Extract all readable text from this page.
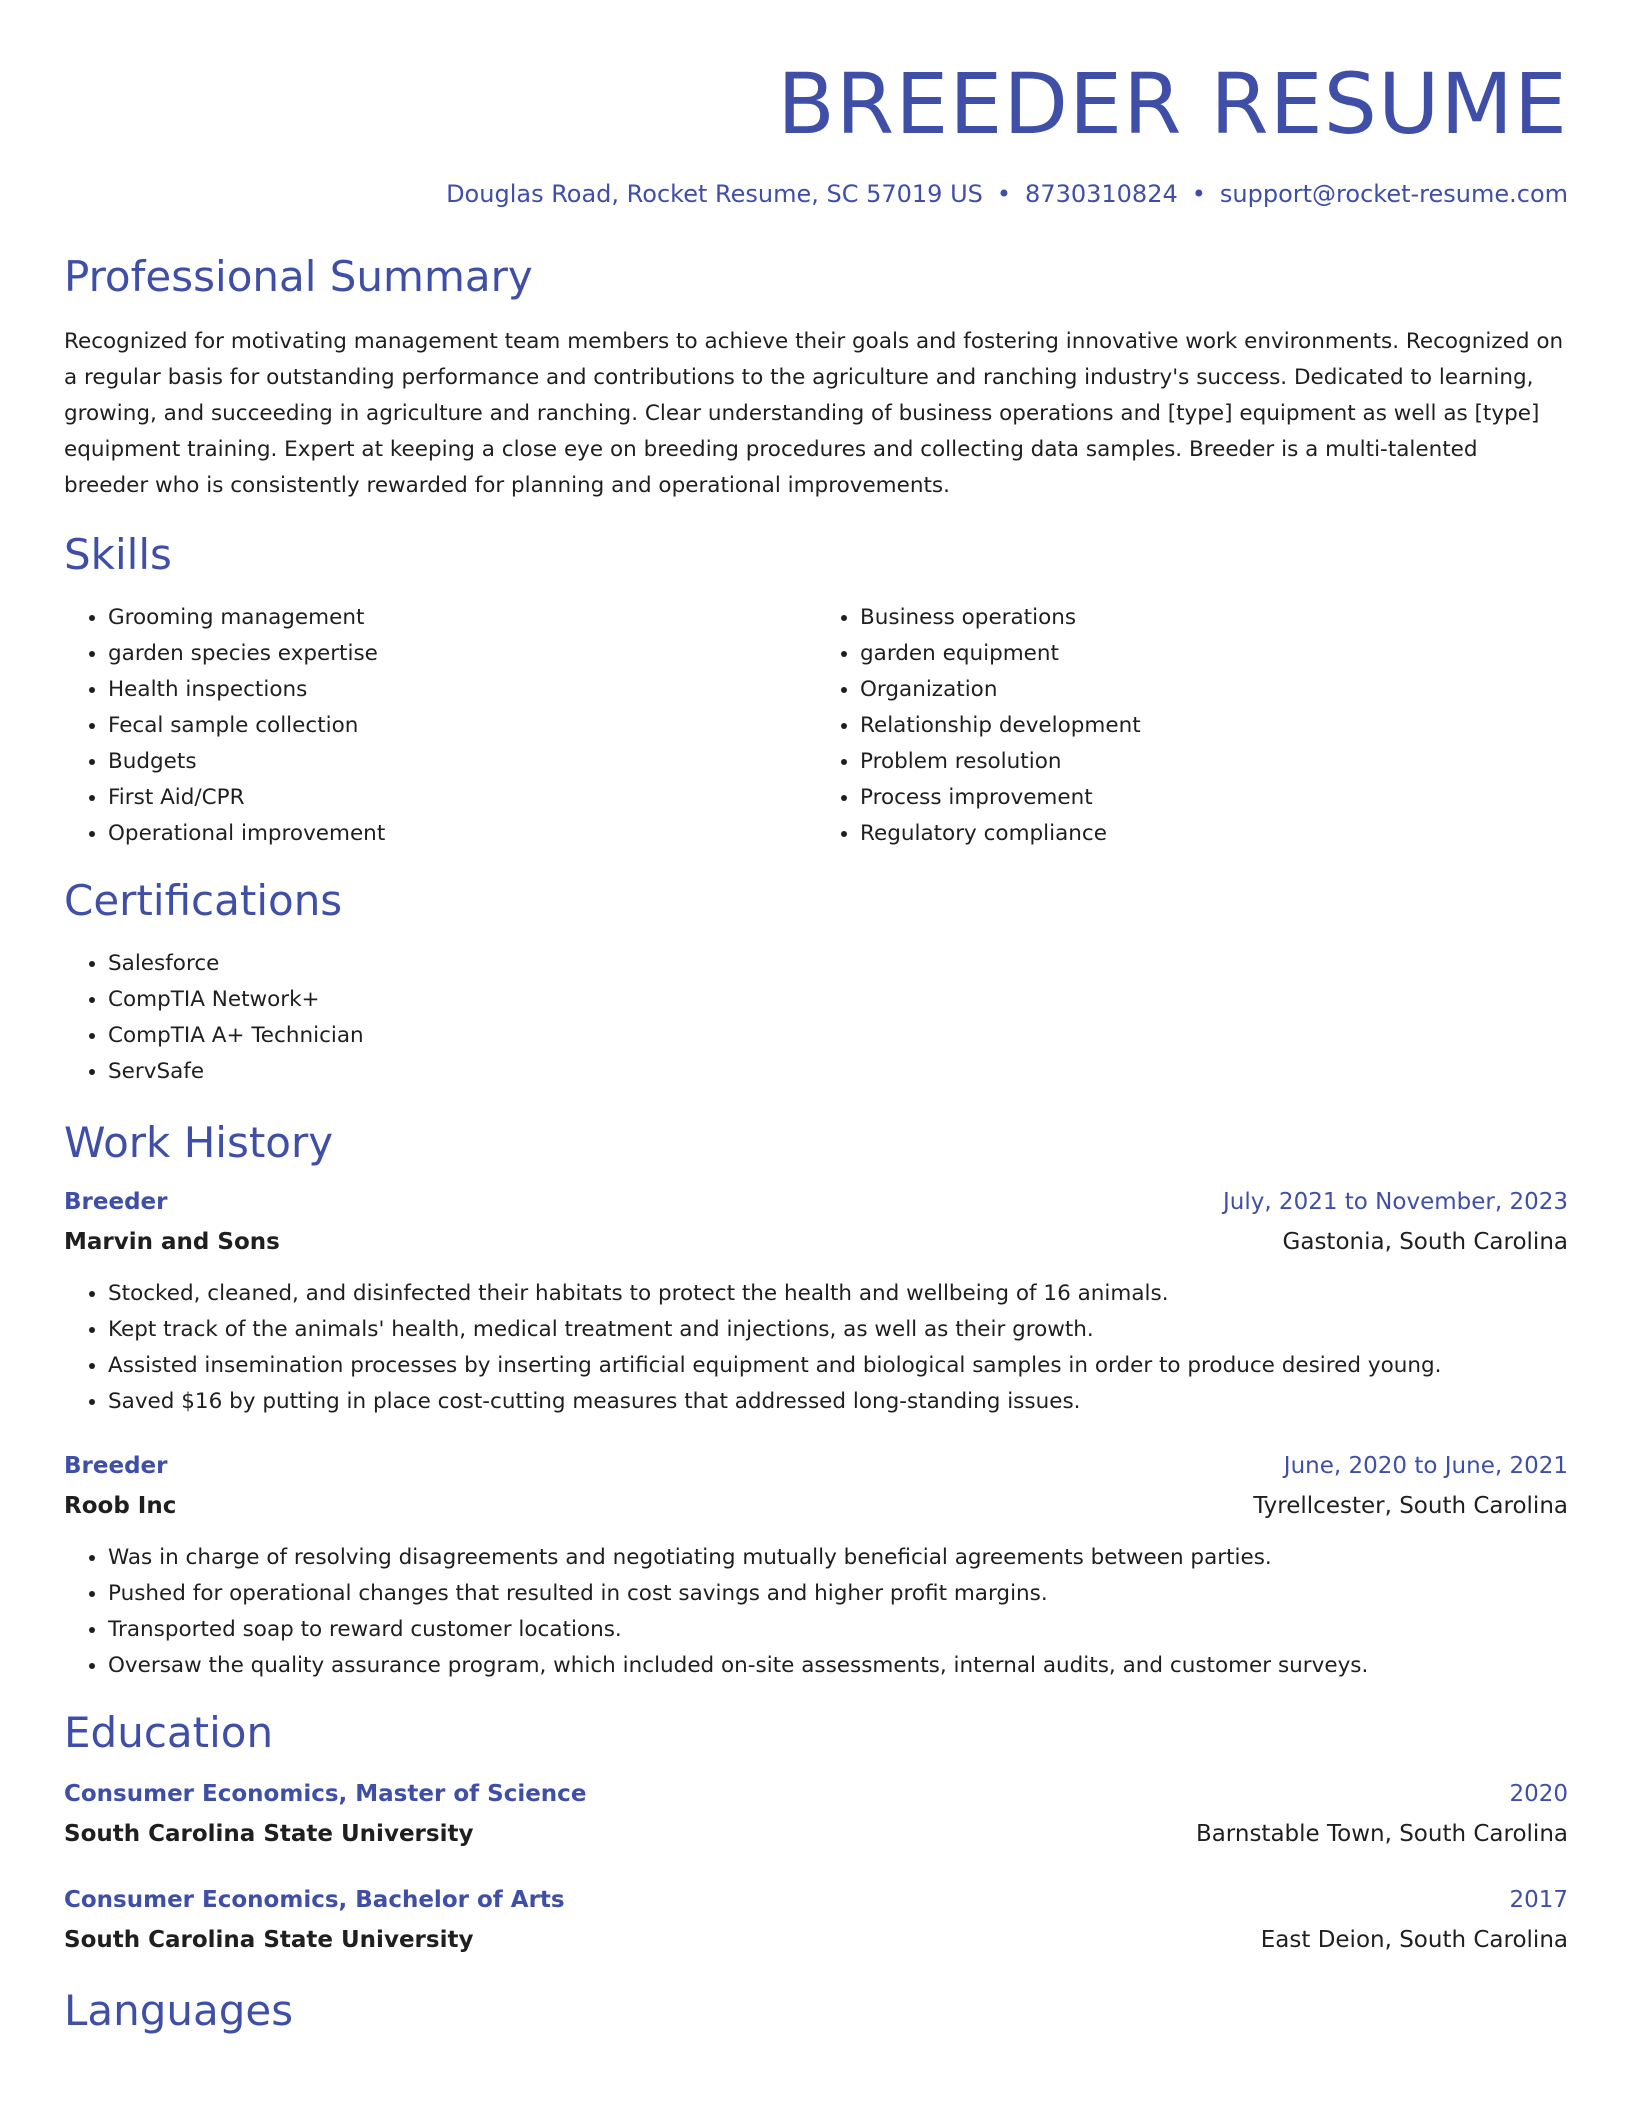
BREEDER RESUME
Douglas Road, Rocket Resume, SC 57019 US • 8730310824 • support@rocket-resume.com
Professional Summary

Recognized for motivating management team members to achieve their goals and fostering innovative work environments. Recognized on a regular basis for outstanding performance and contributions to the agriculture and ranching industry's success. Dedicated to learning, growing, and succeeding in agriculture and ranching. Clear understanding of business operations and [type] equipment as well as [type] equipment training. Expert at keeping a close eye on breeding procedures and collecting data samples. Breeder is a multi-talented breeder who is consistently rewarded for planning and operational improvements.

Skills
• Grooming management
• garden species expertise
• Health inspections
• Fecal sample collection
• Budgets
• First Aid/CPR
• Operational improvement
• Business operations
• garden equipment
• Organization
• Relationship development
• Problem resolution
• Process improvement
• Regulatory compliance
Certifications
• Salesforce
• CompTIA Network+
• CompTIA A+ Technician
• ServSafe
Work History
Breeder	July, 2021 to November, 2023
Marvin and Sons	Gastonia, South Carolina
• Stocked, cleaned, and disinfected their habitats to protect the health and wellbeing of 16 animals.
• Kept track of the animals' health, medical treatment and injections, as well as their growth.
• Assisted insemination processes by inserting artificial equipment and biological samples in order to produce desired young.
• Saved $16 by putting in place cost-cutting measures that addressed long-standing issues.
Breeder	June, 2020 to June, 2021
Roob Inc	Tyrellcester, South Carolina
• Was in charge of resolving disagreements and negotiating mutually beneficial agreements between parties.
• Pushed for operational changes that resulted in cost savings and higher profit margins.
• Transported soap to reward customer locations.
• Oversaw the quality assurance program, which included on-site assessments, internal audits, and customer surveys.
Education
Consumer Economics, Master of Science	2020
South Carolina State University	Barnstable Town, South Carolina
Consumer Economics, Bachelor of Arts	2017
South Carolina State University	East Deion, South Carolina
Languages
